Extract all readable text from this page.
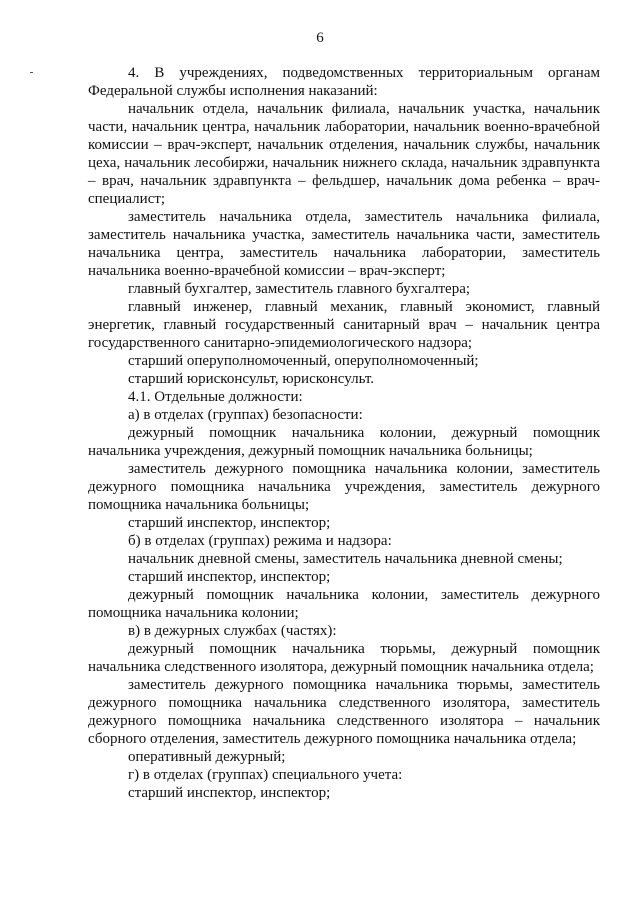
6

4. В учреждениях, подведомственных территориальным органам Федеральной службы исполнения наказаний:

начальник отдела, начальник филиала, начальник участка, начальник части, начальник центра, начальник лаборатории, начальник военно-врачебной комиссии – врач-эксперт, начальник отделения, начальник службы, начальник цеха, начальник лесобиржи, начальник нижнего склада, начальник здравпункта – врач, начальник здравпункта – фельдшер, начальник дома ребенка – врач-специалист;

заместитель начальника отдела, заместитель начальника филиала, заместитель начальника участка, заместитель начальника части, заместитель начальника центра, заместитель начальника лаборатории, заместитель начальника военно-врачебной комиссии – врач-эксперт;

главный бухгалтер, заместитель главного бухгалтера;

главный инженер, главный механик, главный экономист, главный энергетик, главный государственный санитарный врач – начальник центра государственного санитарно-эпидемиологического надзора;

старший оперуполномоченный, оперуполномоченный;

старший юрисконсульт, юрисконсульт.

4.1. Отдельные должности:

а) в отделах (группах) безопасности:

дежурный помощник начальника колонии, дежурный помощник начальника учреждения, дежурный помощник начальника больницы;

заместитель дежурного помощника начальника колонии, заместитель дежурного помощника начальника учреждения, заместитель дежурного помощника начальника больницы;

старший инспектор, инспектор;

б) в отделах (группах) режима и надзора:

начальник дневной смены, заместитель начальника дневной смены;

старший инспектор, инспектор;

дежурный помощник начальника колонии, заместитель дежурного помощника начальника колонии;

в) в дежурных службах (частях):

дежурный помощник начальника тюрьмы, дежурный помощник начальника следственного изолятора, дежурный помощник начальника отдела;

заместитель дежурного помощника начальника тюрьмы, заместитель дежурного помощника начальника следственного изолятора, заместитель дежурного помощника начальника следственного изолятора – начальник сборного отделения, заместитель дежурного помощника начальника отдела;

оперативный дежурный;

г) в отделах (группах) специального учета:

старший инспектор, инспектор;
